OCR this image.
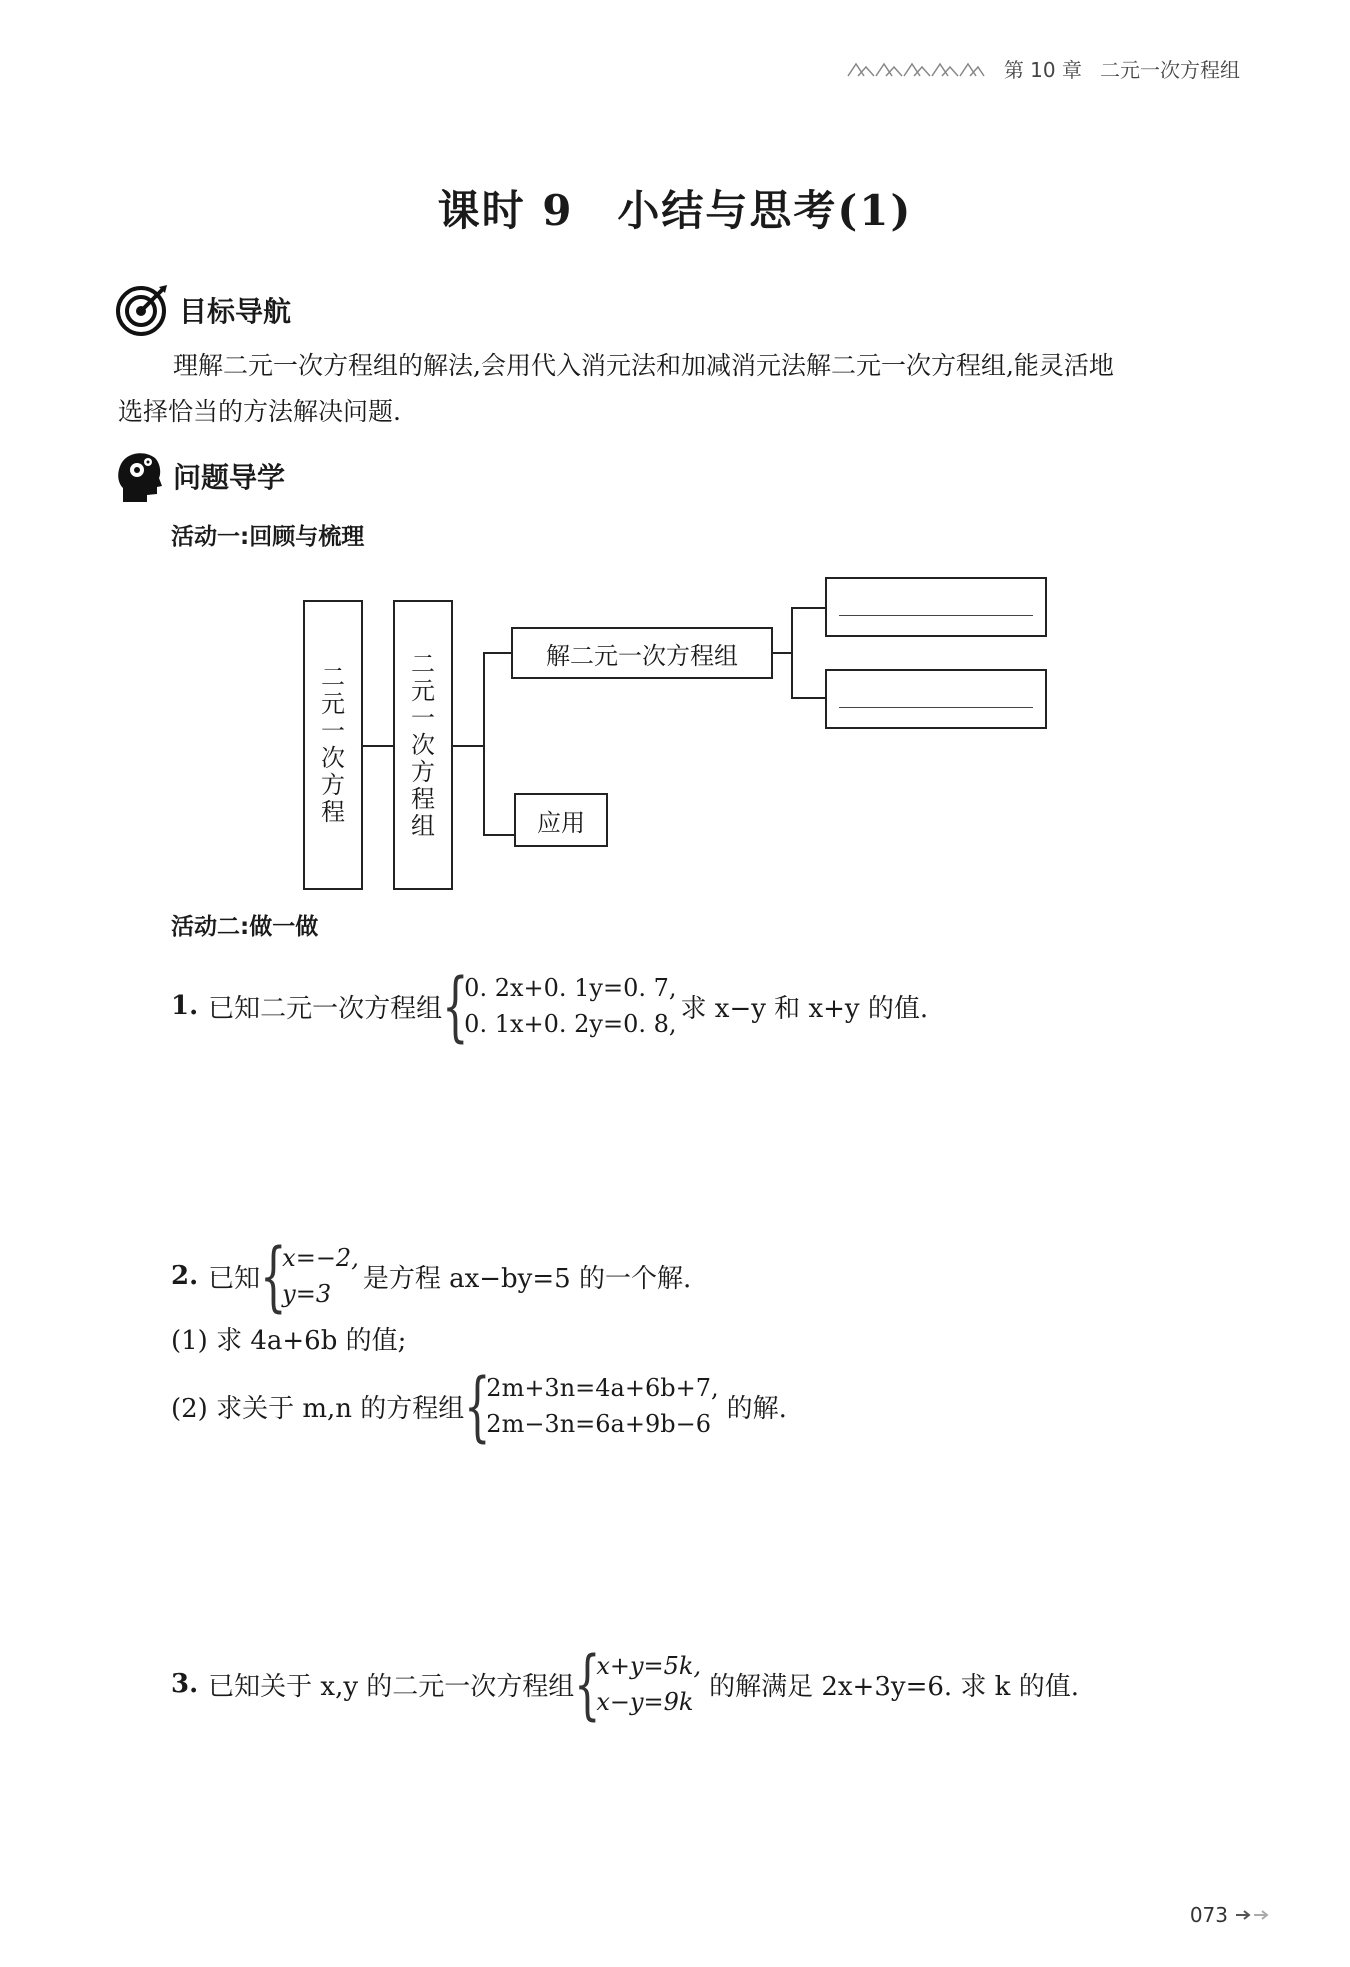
第 10 章 二元一次方程组
课时 9　小结与思考(1)
目标导航
理解二元一次方程组的解法,会用代入消元法和加减消元法解二元一次方程组,能灵活地
选择恰当的方法解决问题.
问题导学
活动一:回顾与梳理
二
元
一
次
方
程
二
元
一
次
方
程
组
解二元一次方程组
应用
活动二:做一做
1. 已知二元一次方程组 {
0. 2x+0. 1y=0. 7,
0. 1x+0. 2y=0. 8,
求 x−y 和 x+y 的值.
2. 已知 {
x=−2,
y=3
是方程 ax−by=5 的一个解.
(1) 求 4a+6b 的值;
(2) 求关于 m,n 的方程组 {
2m+3n=4a+6b+7,
2m−3n=6a+9b−6
的解.
3. 已知关于 x,y 的二元一次方程组 {
x+y=5k,
x−y=9k
的解满足 2x+3y=6. 求 k 的值.
073
